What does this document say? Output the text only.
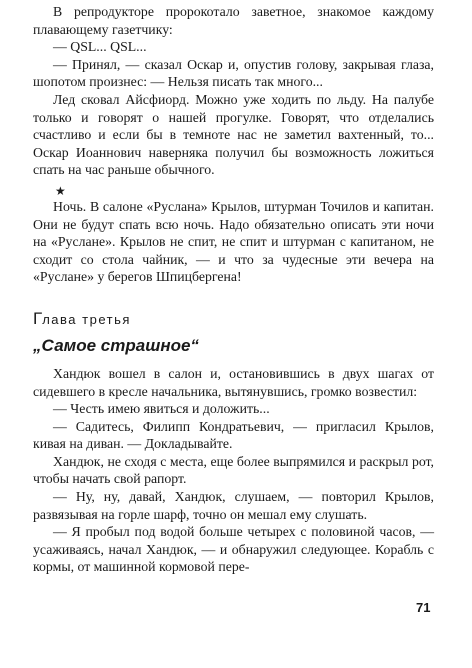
В репродукторе пророкотало заветное, знакомое каждому плавающему газетчику:

— QSL... QSL...

— Принял, — сказал Оскар и, опустив голову, закрывая глаза, шопотом произнес: — Нельзя писать так много...

Лед сковал Айсфиорд. Можно уже ходить по льду. На палубе только и говорят о нашей прогулке. Говорят, что отделались счастливо и если бы в темноте нас не заметил вахтенный, то... Оскар Иоаннович наверняка получил бы возможность ложиться спать на час раньше обычного.

★

Ночь. В салоне «Руслана» Крылов, штурман Точилов и капитан. Они не будут спать всю ночь. Надо обязательно описать эти ночи на «Руслане». Крылов не спит, не спит и штурман с капитаном, не сходит со стола чайник, — и что за чудесные эти вечера на «Руслане» у берегов Шпицбергена!

Глава третья
„Самое страшное“

Хандюк вошел в салон и, остановившись в двух шагах от сидевшего в кресле начальника, вытянувшись, громко возвестил:

— Честь имею явиться и доложить...

— Садитесь, Филипп Кондратьевич, — пригласил Крылов, кивая на диван. — Докладывайте.

Хандюк, не сходя с места, еще более выпрямился и раскрыл рот, чтобы начать свой рапорт.

— Ну, ну, давай, Хандюк, слушаем, — повторил Крылов, развязывая на горле шарф, точно он мешал ему слушать.

— Я пробыл под водой больше четырех с половиной часов, — усаживаясь, начал Хандюк, — и обнаружил следующее. Корабль с кормы, от машинной кормовой пере-

71
